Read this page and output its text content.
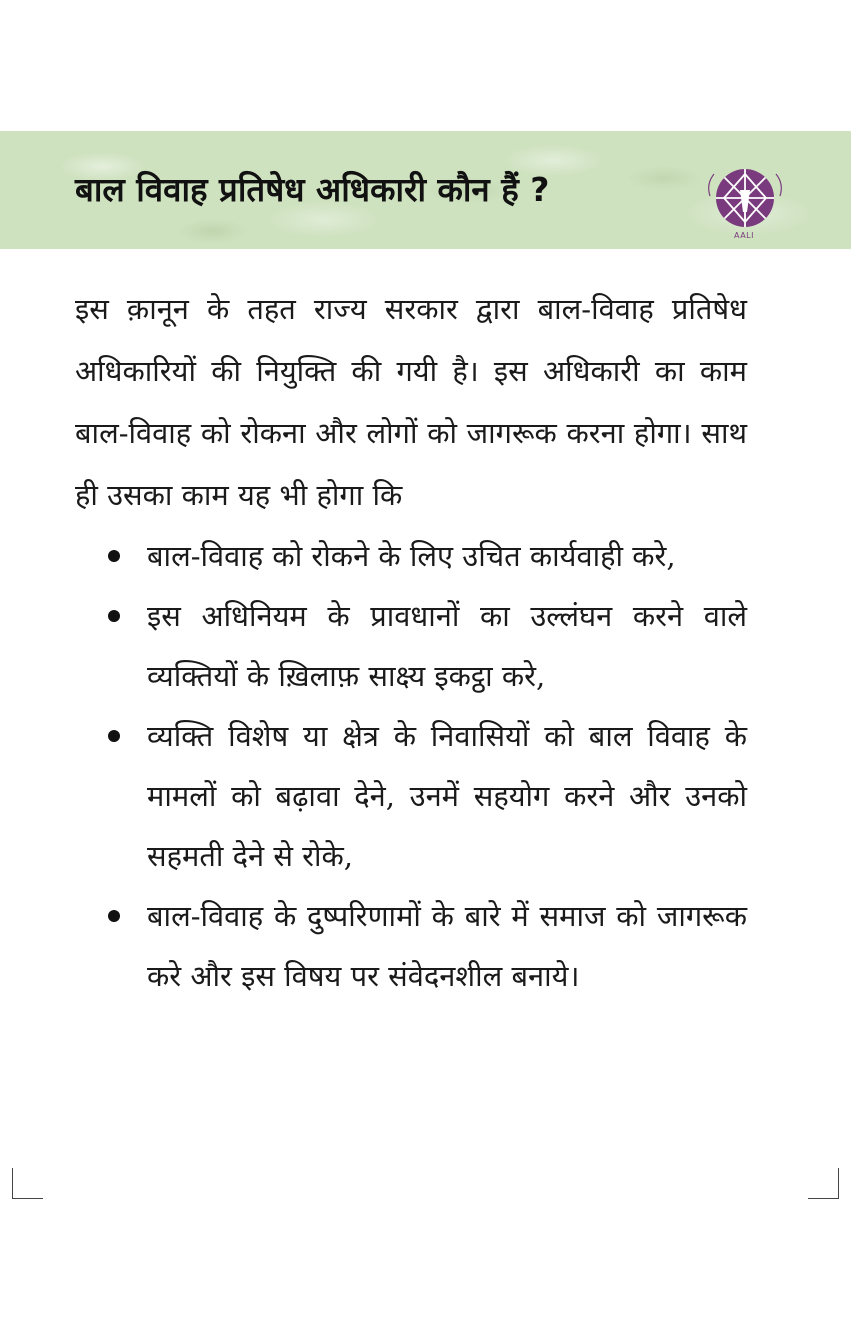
बाल विवाह प्रतिषेध अधिकारी कौन हैं ?
AALI

इस क़ानून के तहत राज्य सरकार द्वारा बाल-विवाह प्रतिषेध अधिकारियों की नियुक्ति की गयी है। इस अधिकारी का काम बाल-विवाह को रोकना और लोगों को जागरूक करना होगा। साथ ही उसका काम यह भी होगा कि

बाल-विवाह को रोकने के लिए उचित कार्यवाही करे,
इस अधिनियम के प्रावधानों का उल्लंघन करने वाले व्यक्तियों के ख़िलाफ़ साक्ष्य इकट्ठा करे,
व्यक्ति विशेष या क्षेत्र के निवासियों को बाल विवाह के मामलों को बढ़ावा देने, उनमें सहयोग करने और उनको सहमती देने से रोके,
बाल-विवाह के दुष्परिणामों के बारे में समाज को जागरूक करे और इस विषय पर संवेदनशील बनाये।
